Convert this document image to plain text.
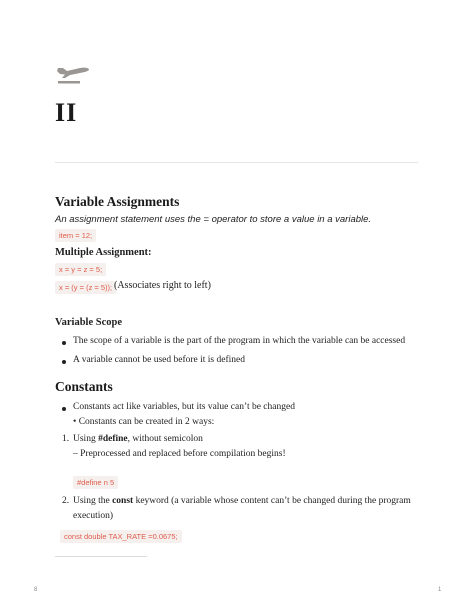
II
Variable Assignments
An assignment statement uses the = operator to store a value in a variable.
item = 12;
Multiple Assignment:
x = y = z = 5;
x = (y = (z = 5)); (Associates right to left)
Variable Scope
The scope of a variable is the part of the program in which the variable can be accessed
A variable cannot be used before it is defined
Constants
Constants act like variables, but its value can’t be changed
• Constants can be created in 2 ways:
1. Using #define, without semicolon
– Preprocessed and replaced before compilation begins!
#define n 5
2. Using the const keyword (a variable whose content can’t be changed during the program
execution)
const double TAX_RATE =0.0675;
8	1
